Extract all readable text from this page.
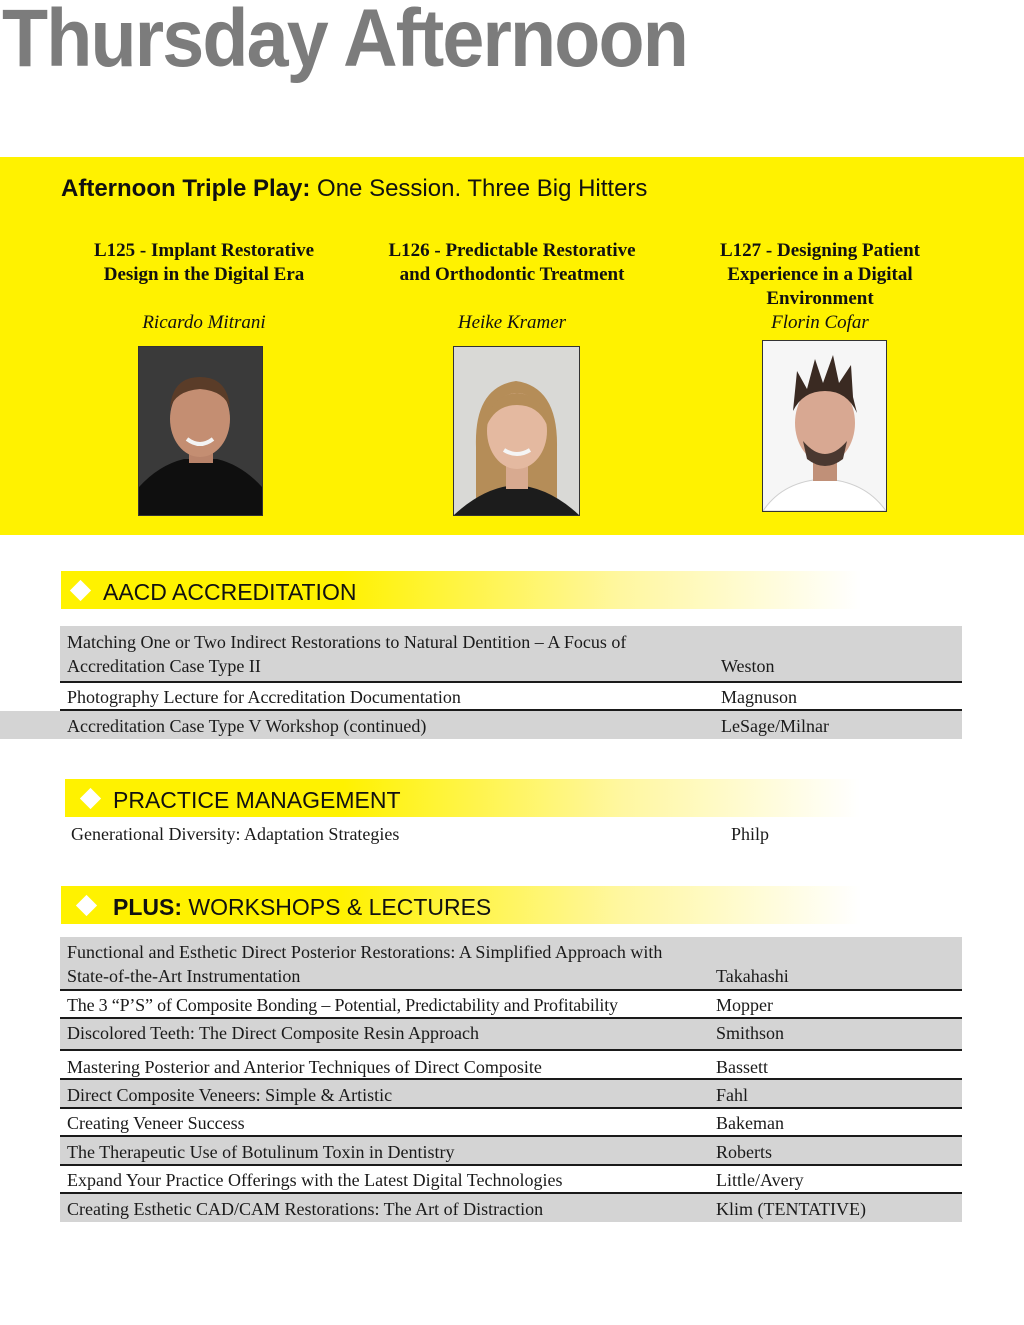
Thursday Afternoon
Afternoon Triple Play: One Session. Three Big Hitters
L125 - Implant Restorative Design in the Digital Era
Ricardo Mitrani
L126 - Predictable Restorative and Orthodontic Treatment
Heike Kramer
L127 - Designing Patient Experience in a Digital Environment
Florin Cofar
AACD ACCREDITATION
Matching One or Two Indirect Restorations to Natural Dentition – A Focus of Accreditation Case Type II	Weston
Photography Lecture for Accreditation Documentation	Magnuson
Accreditation Case Type V Workshop (continued)	LeSage/Milnar
PRACTICE MANAGEMENT
Generational Diversity: Adaptation Strategies	Philp
PLUS: WORKSHOPS & LECTURES
Functional and Esthetic Direct Posterior Restorations: A Simplified Approach with State-of-the-Art Instrumentation	Takahashi
The 3 “P’S” of Composite Bonding – Potential, Predictability and Profitability	Mopper
Discolored Teeth: The Direct Composite Resin Approach	Smithson
Mastering Posterior and Anterior Techniques of Direct Composite	Bassett
Direct Composite Veneers: Simple & Artistic	Fahl
Creating Veneer Success	Bakeman
The Therapeutic Use of Botulinum Toxin in Dentistry	Roberts
Expand Your Practice Offerings with the Latest Digital Technologies	Little/Avery
Creating Esthetic CAD/CAM Restorations: The Art of Distraction	Klim (TENTATIVE)
